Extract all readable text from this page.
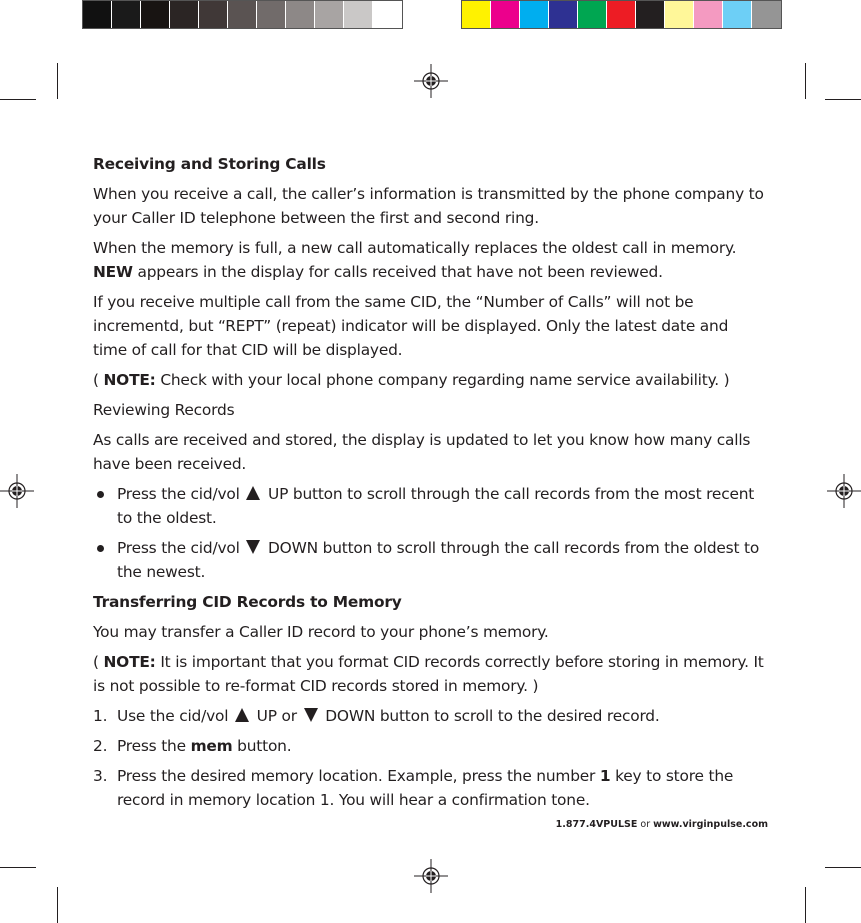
Receiving and Storing Calls

When you receive a call, the caller’s information is transmitted by the phone company to your Caller ID telephone between the first and second ring.

When the memory is full, a new call automatically replaces the oldest call in memory. NEW appears in the display for calls received that have not been reviewed.

If you receive multiple call from the same CID, the “Number of Calls” will not be incrementd, but “REPT” (repeat) indicator will be displayed. Only the latest date and time of call for that CID will be displayed.

( NOTE: Check with your local phone company regarding name service availability. )

Reviewing Records

As calls are received and stored, the display is updated to let you know how many calls have been received.

Press the cid/vol  UP button to scroll through the call records from the most recent to the oldest.
Press the cid/vol  DOWN button to scroll through the call records from the oldest to the newest.

Transferring CID Records to Memory

You may transfer a Caller ID record to your phone’s memory.

( NOTE: It is important that you format CID records correctly before storing in memory. It is not possible to re-format CID records stored in memory. )

1. Use the cid/vol  UP or  DOWN button to scroll to the desired record.
2. Press the mem button.
3. Press the desired memory location. Example, press the number 1 key to store the record in memory location 1. You will hear a confirmation tone.
1.877.4VPULSE or www.virginpulse.com
